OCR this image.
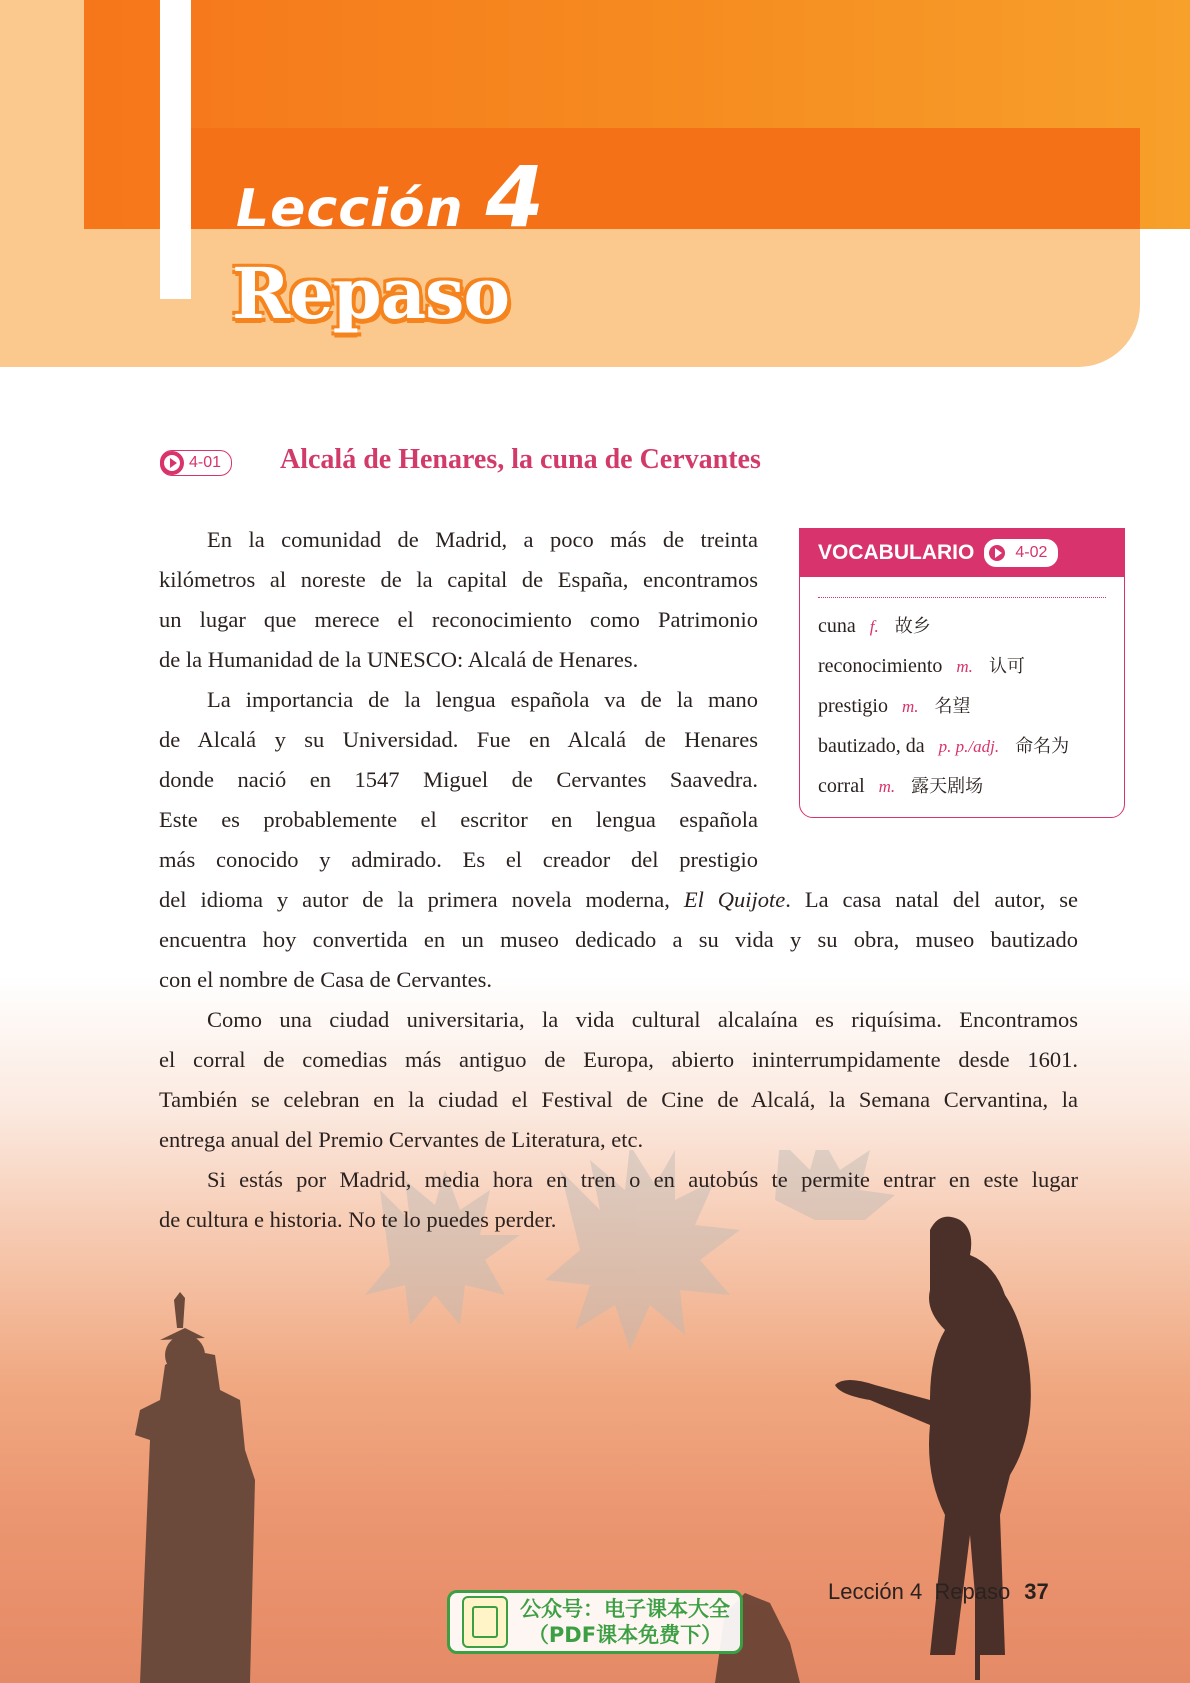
Lección 4
Repaso
4-01	Alcalá de Henares, la cuna de Cervantes

En la comunidad de Madrid, a poco más de treinta
kilómetros al noreste de la capital de España, encontramos
un lugar que merece el reconocimiento como Patrimonio
de la Humanidad de la UNESCO: Alcalá de Henares.

La importancia de la lengua española va de la mano
de Alcalá y su Universidad. Fue en Alcalá de Henares
donde nació en 1547 Miguel de Cervantes Saavedra.
Este es probablemente el escritor en lengua española
más conocido y admirado. Es el creador del prestigio

del idioma y autor de la primera novela moderna, El Quijote. La casa natal del autor, se
encuentra hoy convertida en un museo dedicado a su vida y su obra, museo bautizado
con el nombre de Casa de Cervantes.

Como una ciudad universitaria, la vida cultural alcalaína es riquísima. Encontramos
el corral de comedias más antiguo de Europa, abierto ininterrumpidamente desde 1601.
También se celebran en la ciudad el Festival de Cine de Alcalá, la Semana Cervantina, la
entrega anual del Premio Cervantes de Literatura, etc.

Si estás por Madrid, media hora en tren o en autobús te permite entrar en este lugar
de cultura e historia. No te lo puedes perder.

VOCABULARIO	4-02
cuna f. 故乡
reconocimiento m. 认可
prestigio m. 名望
bautizado, da p. p./adj. 命名为
corral m. 露天剧场
Lección 4  Repaso 37
公众号：电子课本大全
（PDF课本免费下）
